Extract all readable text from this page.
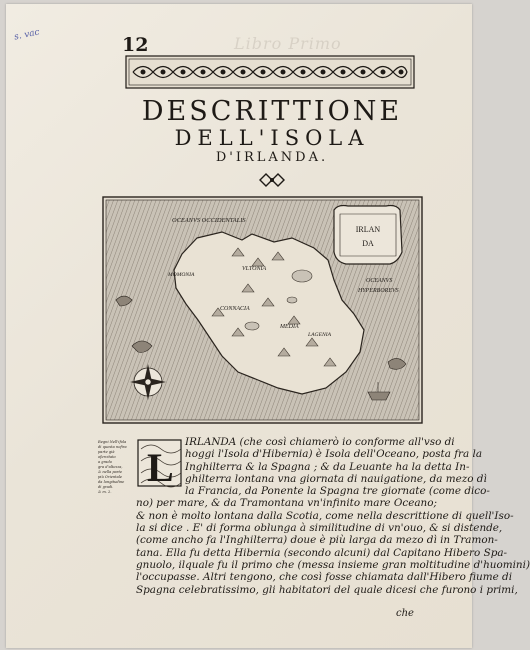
Libro Primo
s. vac	12
DESCRITTIONE
DELL'ISOLA
D'IRLANDA.
IRLAN
DA
OCEANVS OCCIDENTALIS
OCEANVS
HYPERBOREVS
CONNACIA
MEDIA
VLTONIA
LAGENIA
MOMONIA
Regni Nell'ifola
di questa nofira
parte già ofercitato
a grado
gra d'altezza,
& nella parte
più Orientale
da longitudine
di gradi.
& m. 2.
L
IRLANDA (che così chiamerò io conforme all'vso di
hoggi l'Isola d'Hibernia) è Isola dell'Oceano, posta fra la
Inghilterra & la Spagna ; & da Leuante ha la detta In-
ghilterra lontana vna giornata di nauigatione, da mezo dì
la Francia, da Ponente la Spagna tre giornate (come dico-
no) per mare, & da Tramontana vn'infinito mare Oceano;
& non è molto lontana dalla Scotia, come nella descrittione di quell'Iso-
la si dice . E' di forma oblunga à similitudine di vn'ouo, & si distende,
(come ancho fa l'Inghilterra) doue è più larga da mezo dì in Tramon-
tana. Ella fu detta Hibernia (secondo alcuni) dal Capitano Hibero Spa-
gnuolo, ilquale fu il primo che (messa insieme gran moltitudine d'huomini)
l'occupasse. Altri tengono, che così fosse chiamata dall'Hibero fiume di
Spagna celebratissimo, gli habitatori del quale dicesi che furono i primi,
che
